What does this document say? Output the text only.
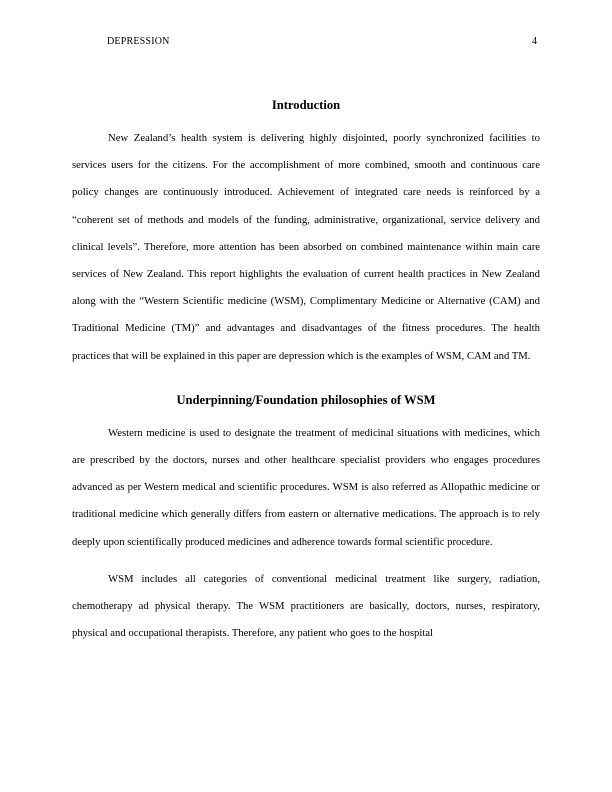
DEPRESSION	4
Introduction

New Zealand’s health system is delivering highly disjointed, poorly synchronized facilities to services users for the citizens. For the accomplishment of more combined, smooth and continuous care policy changes are continuously introduced. Achievement of integrated care needs is reinforced by a “coherent set of methods and models of the funding, administrative, organizational, service delivery and clinical levels”. Therefore, more attention has been absorbed on combined maintenance within main care services of New Zealand. This report highlights the evaluation of current health practices in New Zealand along with the “Western Scientific medicine (WSM), Complimentary Medicine or Alternative (CAM) and Traditional Medicine (TM)” and advantages and disadvantages of the fitness procedures. The health practices that will be explained in this paper are depression which is the examples of WSM, CAM and TM.

Underpinning/Foundation philosophies of WSM

Western medicine is used to designate the treatment of medicinal situations with medicines, which are prescribed by the doctors, nurses and other healthcare specialist providers who engages procedures advanced as per Western medical and scientific procedures. WSM is also referred as Allopathic medicine or traditional medicine which generally differs from eastern or alternative medications. The approach is to rely deeply upon scientifically produced medicines and adherence towards formal scientific procedure.

WSM includes all categories of conventional medicinal treatment like surgery, radiation, chemotherapy ad physical therapy. The WSM practitioners are basically, doctors, nurses, respiratory, physical and occupational therapists. Therefore, any patient who goes to the hospital
